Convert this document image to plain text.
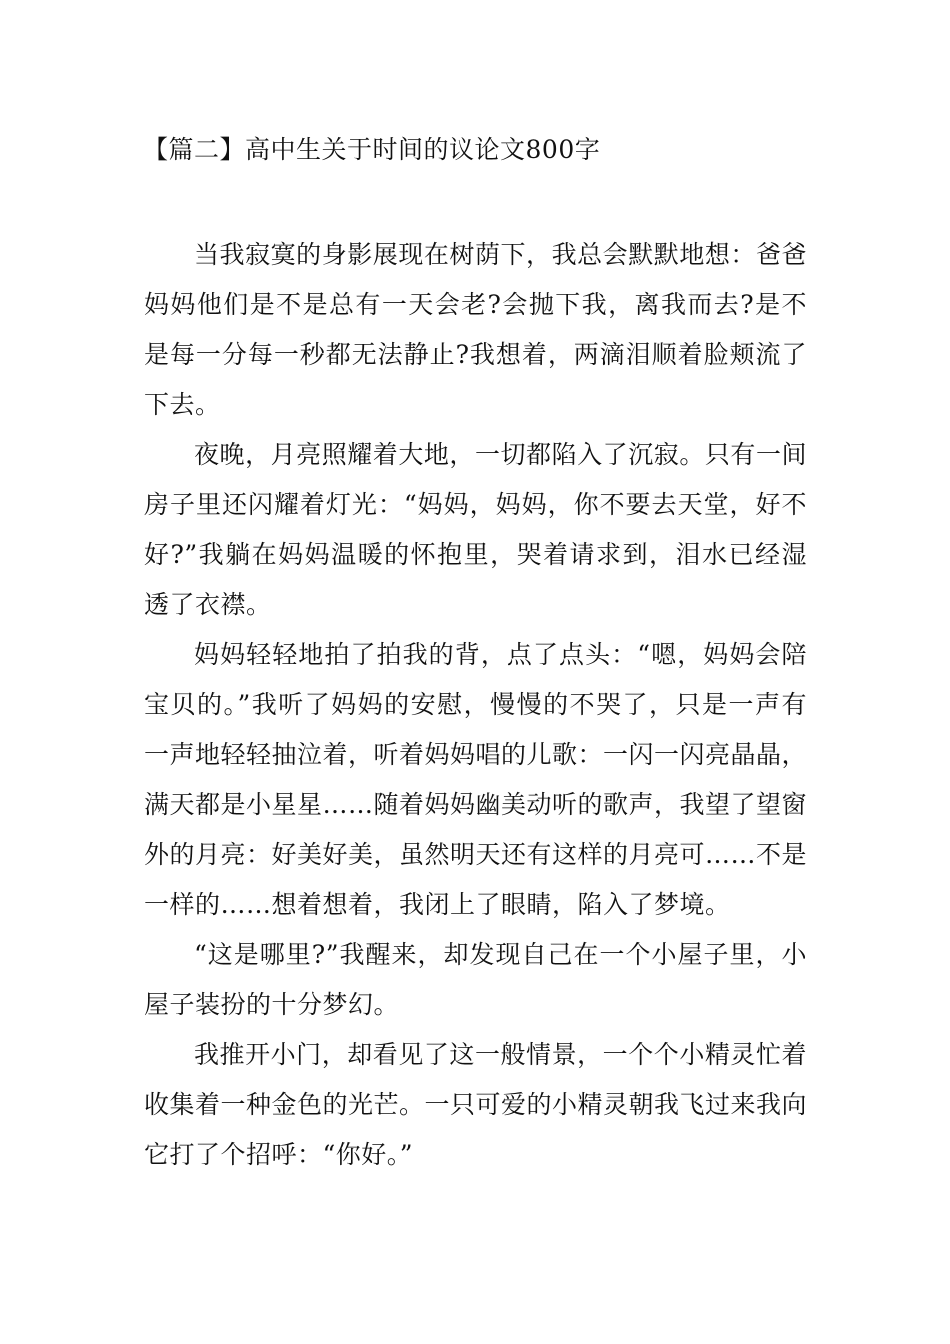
【篇二】高中生关于时间的议论文800字

当我寂寞的身影展现在树荫下，我总会默默地想：爸爸妈妈他们是不是总有一天会老?会抛下我，离我而去?是不是每一分每一秒都无法静止?我想着，两滴泪顺着脸颊流了下去。

夜晚，月亮照耀着大地，一切都陷入了沉寂。只有一间房子里还闪耀着灯光：“妈妈，妈妈，你不要去天堂，好不好?”我躺在妈妈温暖的怀抱里，哭着请求到，泪水已经湿透了衣襟。

妈妈轻轻地拍了拍我的背，点了点头：“嗯，妈妈会陪宝贝的。”我听了妈妈的安慰，慢慢的不哭了，只是一声有一声地轻轻抽泣着，听着妈妈唱的儿歌：一闪一闪亮晶晶，满天都是小星星……随着妈妈幽美动听的歌声，我望了望窗外的月亮：好美好美，虽然明天还有这样的月亮可……不是一样的……想着想着，我闭上了眼睛，陷入了梦境。

“这是哪里?”我醒来，却发现自己在一个小屋子里，小屋子装扮的十分梦幻。

我推开小门，却看见了这一般情景，一个个小精灵忙着收集着一种金色的光芒。一只可爱的小精灵朝我飞过来我向它打了个招呼：“你好。”
